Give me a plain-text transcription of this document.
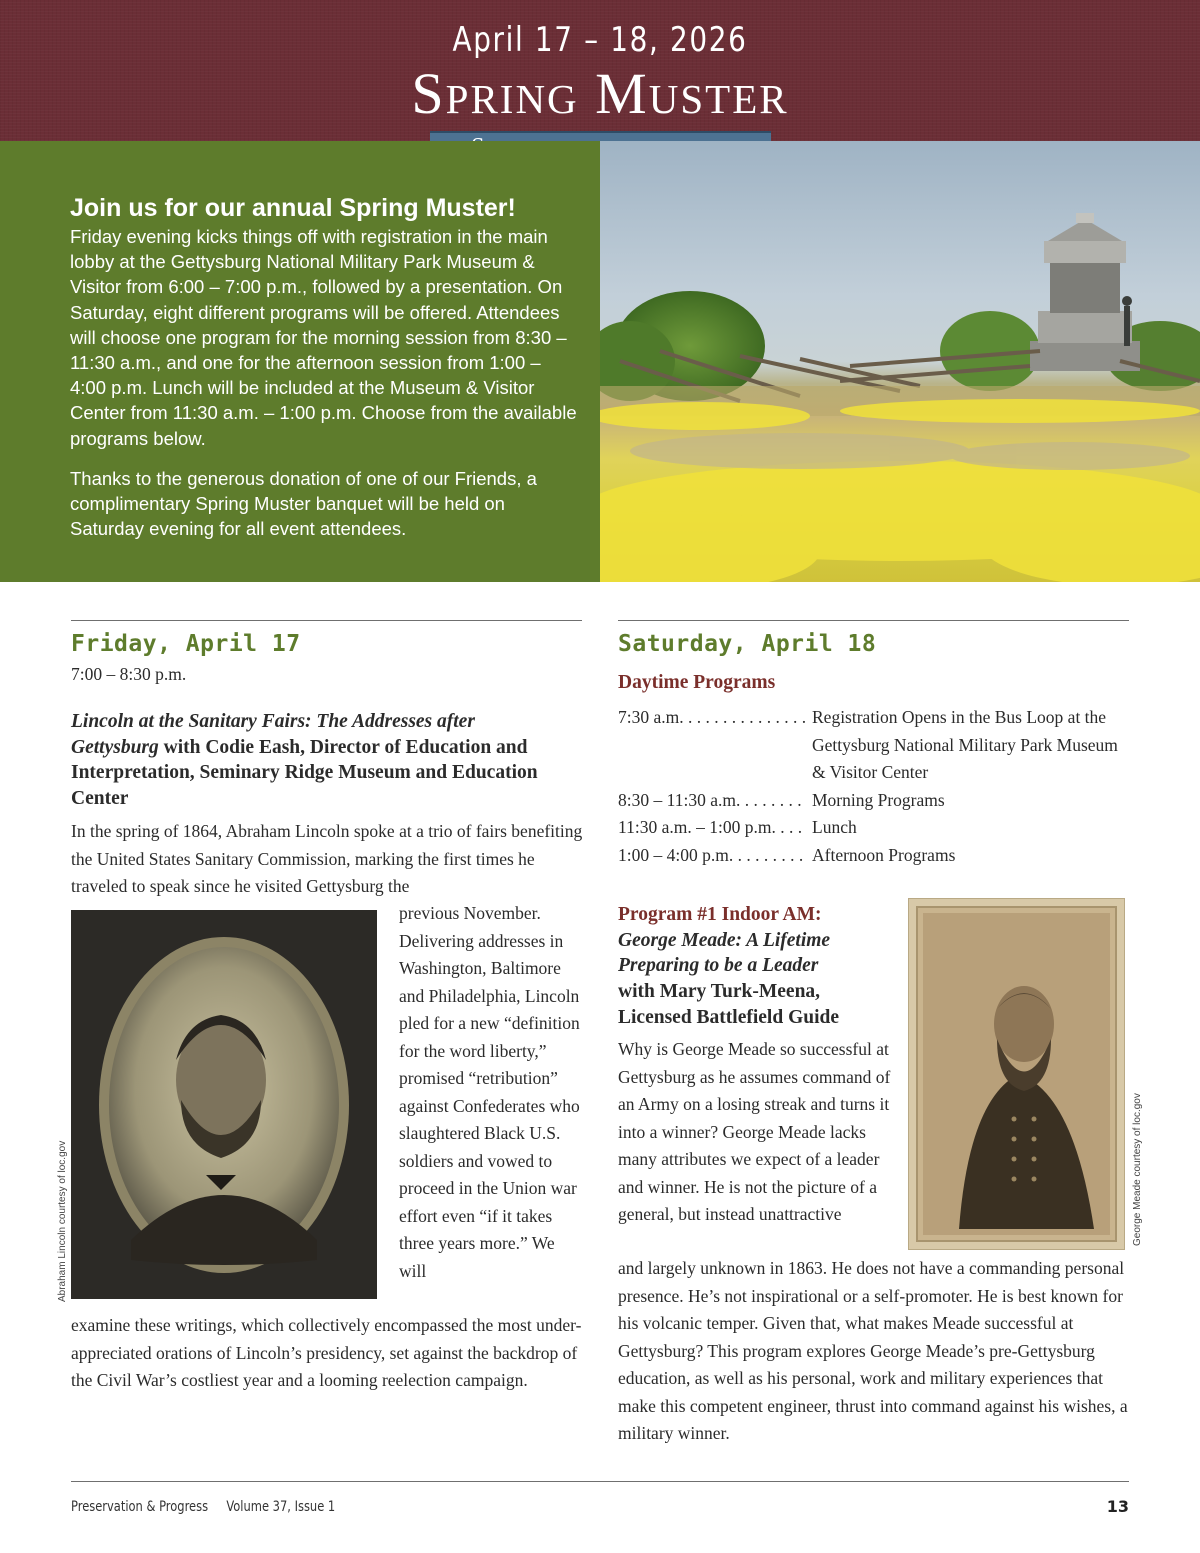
April 17 – 18, 2026
Spring Muster
Join us for our annual Spring Muster!

Friday evening kicks things off with registration in the main lobby at the Gettysburg National Military Park Museum & Visitor from 6:00 – 7:00 p.m., followed by a presentation. On Saturday, eight different programs will be offered. Attendees will choose one program for the morning session from 8:30 – 11:30 a.m., and one for the afternoon session from 1:00 – 4:00 p.m. Lunch will be included at the Museum & Visitor Center from 11:30 a.m. – 1:00 p.m. Choose from the available programs below.

Thanks to the generous donation of one of our Friends, a complimentary Spring Muster banquet will be held on Saturday evening for all event attendees.

Friday, April 17
7:00 – 8:30 p.m.

Lincoln at the Sanitary Fairs: The Addresses after Gettysburg with Codie Eash, Director of Education and Interpretation, Seminary Ridge Museum and Education Center

In the spring of 1864, Abraham Lincoln spoke at a trio of fairs benefiting the United States Sanitary Commission, marking the first times he traveled to speak since he visited Gettysburg the

Abraham Lincoln courtesy of loc.gov

previous November. Delivering addresses in Washington, Baltimore and Philadelphia, Lincoln pled for a new “definition for the word liberty,” promised “retribution” against Confederates who slaughtered Black U.S. soldiers and vowed to proceed in the Union war effort even “if it takes three years more.” We will

examine these writings, which collectively encompassed the most under-appreciated orations of Lincoln’s presidency, set against the backdrop of the Civil War’s costliest year and a looming reelection campaign.

Saturday, April 18
Daytime Programs
7:30 a.m. . . . . . . . . . . . . . . Registration Opens in the Bus Loop at the Gettysburg National Military Park Museum & Visitor Center
8:30 – 11:30 a.m. . . . . . . . Morning Programs
11:30 a.m. – 1:00 p.m. . . . Lunch
1:00 – 4:00 p.m. . . . . . . . . Afternoon Programs

Program #1 Indoor AM:
George Meade: A Lifetime Preparing to be a Leader
with Mary Turk-Meena, Licensed Battlefield Guide

George Meade courtesy of loc.gov

Why is George Meade so successful at Gettysburg as he assumes command of an Army on a losing streak and turns it into a winner? George Meade lacks many attributes we expect of a leader and winner. He is not the picture of a general, but instead unattractive

and largely unknown in 1863. He does not have a commanding personal presence. He’s not inspirational or a self-promoter. He is best known for his volcanic temper. Given that, what makes Meade successful at Gettysburg? This program explores George Meade’s pre-Gettysburg education, as well as his personal, work and military experiences that make this competent engineer, thrust into command against his wishes, a military winner.

Preservation & Progress     Volume 37, Issue 1	13
